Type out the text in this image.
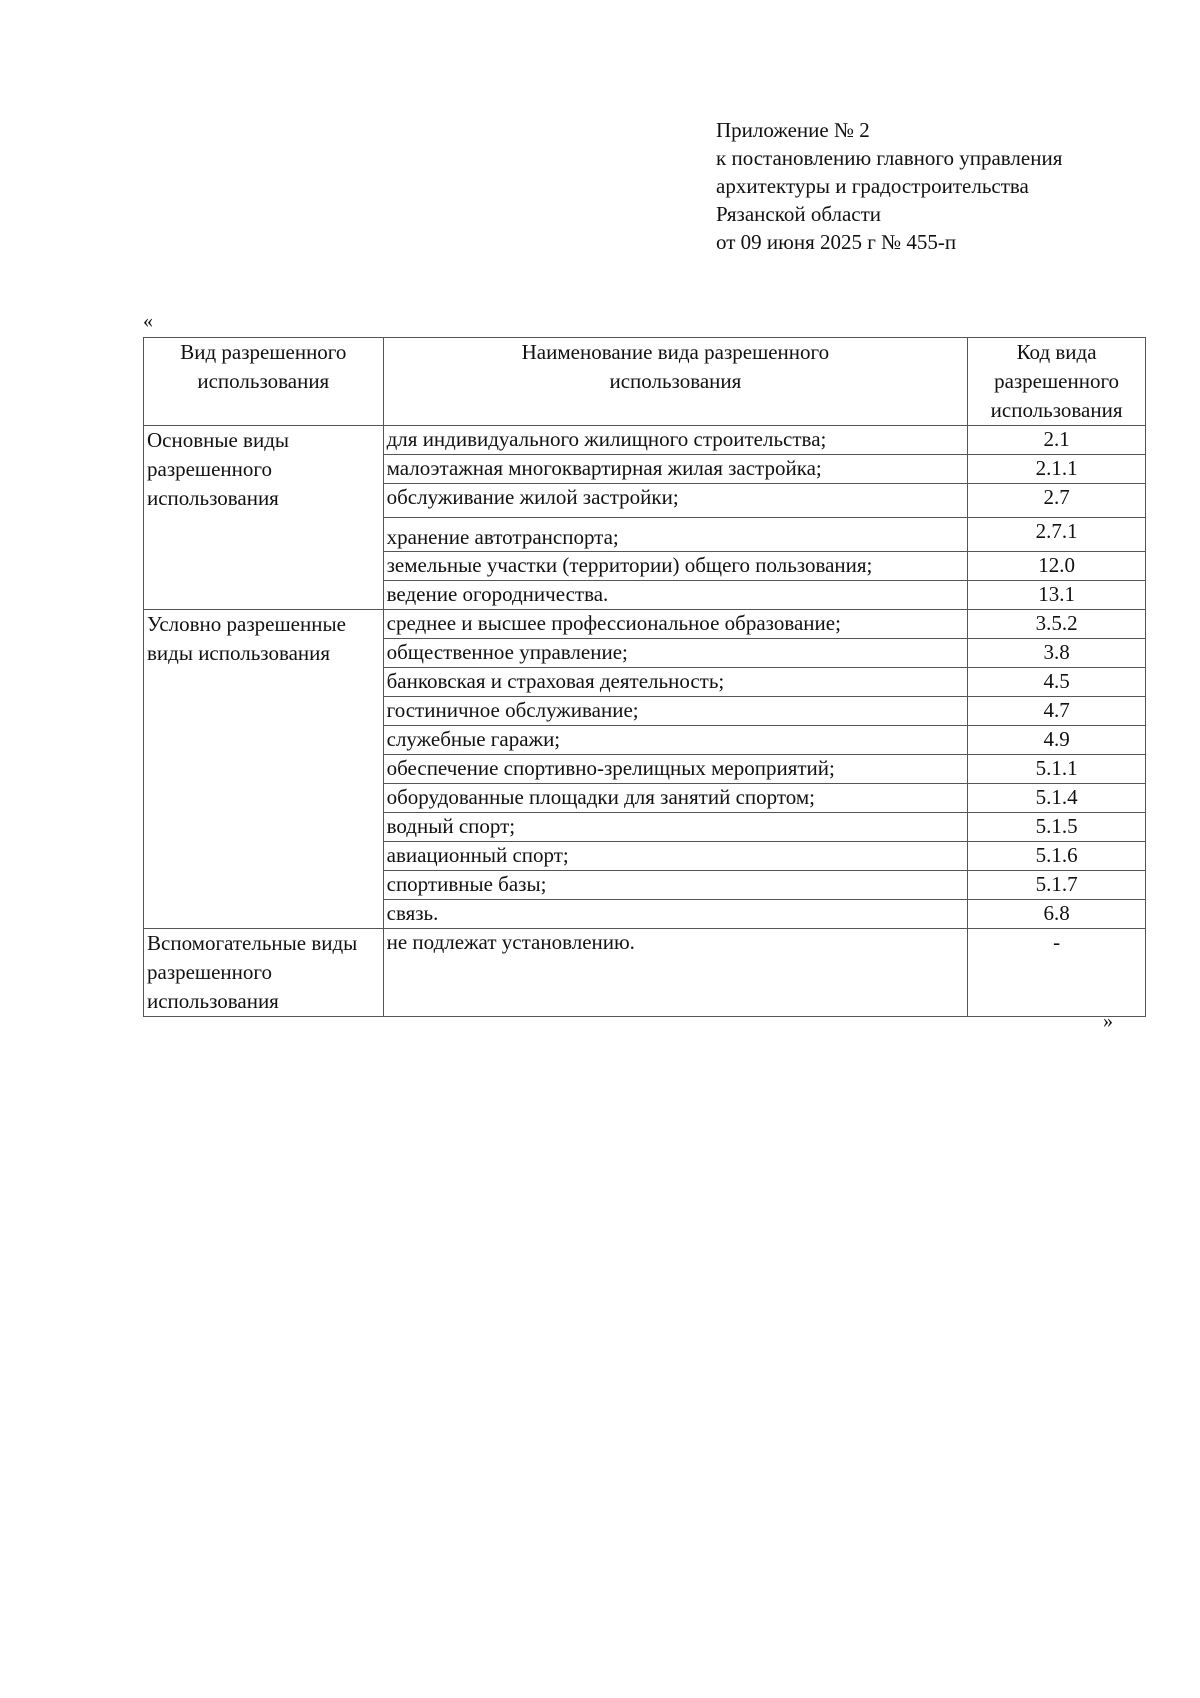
Приложение № 2
к постановлению главного управления
архитектуры и градостроительства
Рязанской области
от 09 июня 2025 г № 455-п
«
Вид разрешенного использования	Наименование вида разрешенного использования	Код вида разрешенного использования
Основные виды разрешенного использования	для индивидуального жилищного строительства;	2.1
	малоэтажная многоквартирная жилая застройка;	2.1.1
	обслуживание жилой застройки;	2.7
	хранение автотранспорта;	2.7.1
	земельные участки (территории) общего пользования;	12.0
	ведение огородничества.	13.1
Условно разрешенные виды использования	среднее и высшее профессиональное образование;	3.5.2
	общественное управление;	3.8
	банковская и страховая деятельность;	4.5
	гостиничное обслуживание;	4.7
	служебные гаражи;	4.9
	обеспечение спортивно-зрелищных мероприятий;	5.1.1
	оборудованные площадки для занятий спортом;	5.1.4
	водный спорт;	5.1.5
	авиационный спорт;	5.1.6
	спортивные базы;	5.1.7
	связь.	6.8
Вспомогательные виды разрешенного использования	не подлежат установлению.	-
»
